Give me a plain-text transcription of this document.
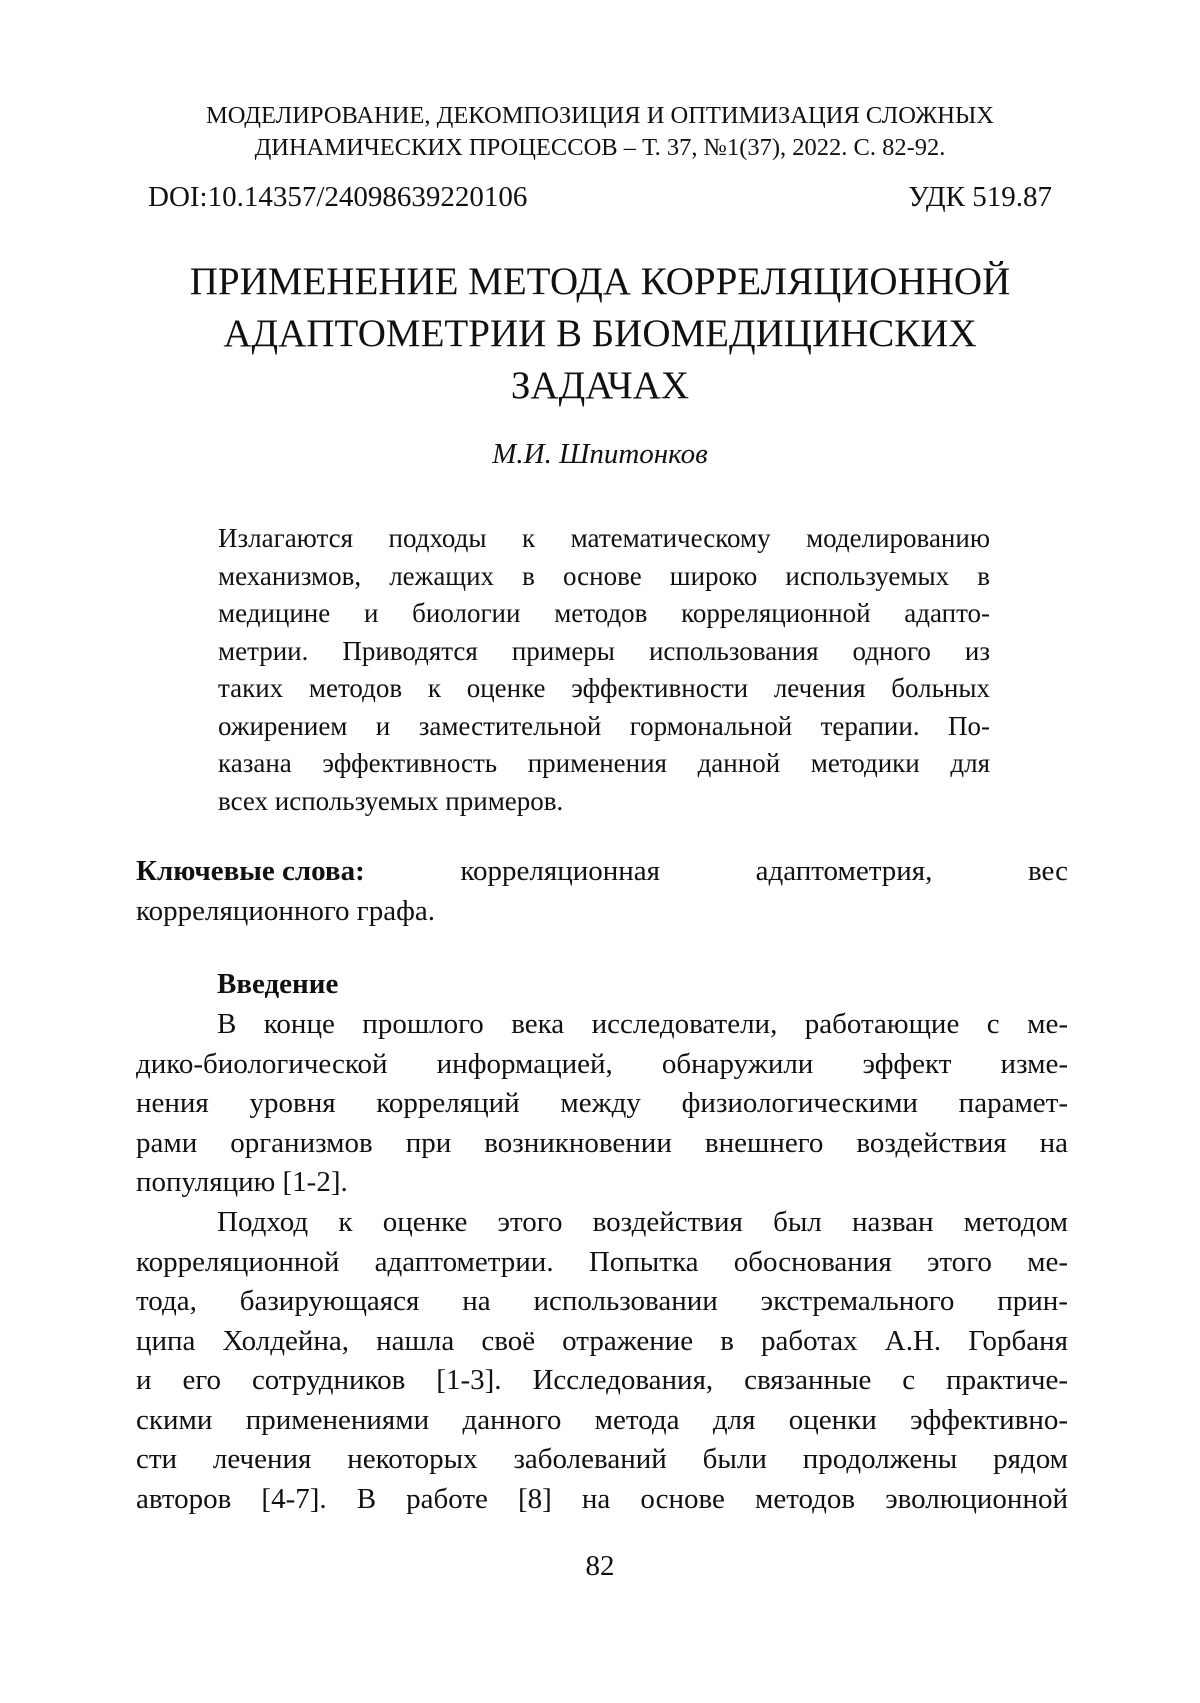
МОДЕЛИРОВАНИЕ, ДЕКОМПОЗИЦИЯ И ОПТИМИЗАЦИЯ СЛОЖНЫХ
ДИНАМИЧЕСКИХ ПРОЦЕССОВ – Т. 37, №1(37), 2022. С. 82-92.
DOI:10.14357/24098639220106	УДК 519.87
ПРИМЕНЕНИЕ МЕТОДА КОРРЕЛЯЦИОННОЙ
АДАПТОМЕТРИИ В БИОМЕДИЦИНСКИХ
ЗАДАЧАХ
М.И. Шпитонков
Излагаются подходы к математическому моделированию
механизмов, лежащих в основе широко используемых в
медицине и биологии методов корреляционной адапто-
метрии. Приводятся примеры использования одного из
таких методов к оценке эффективности лечения больных
ожирением и заместительной гормональной терапии. По-
казана эффективность применения данной методики для
всех используемых примеров.
Ключевые слова:	корреляционная	адаптометрия,	вес
корреляционного графа.
Введение
В конце прошлого века исследователи, работающие с ме-
дико-биологической информацией, обнаружили эффект изме-
нения уровня корреляций между физиологическими парамет-
рами организмов при возникновении внешнего воздействия на
популяцию [1-2].
Подход к оценке этого воздействия был назван методом
корреляционной адаптометрии. Попытка обоснования этого ме-
тода, базирующаяся на использовании экстремального прин-
ципа Холдейна, нашла своё отражение в работах А.Н. Горбаня
и его сотрудников [1-3]. Исследования, связанные с практиче-
скими применениями данного метода для оценки эффективно-
сти лечения некоторых заболеваний были продолжены рядом
авторов [4-7]. В работе [8] на основе методов эволюционной
82
